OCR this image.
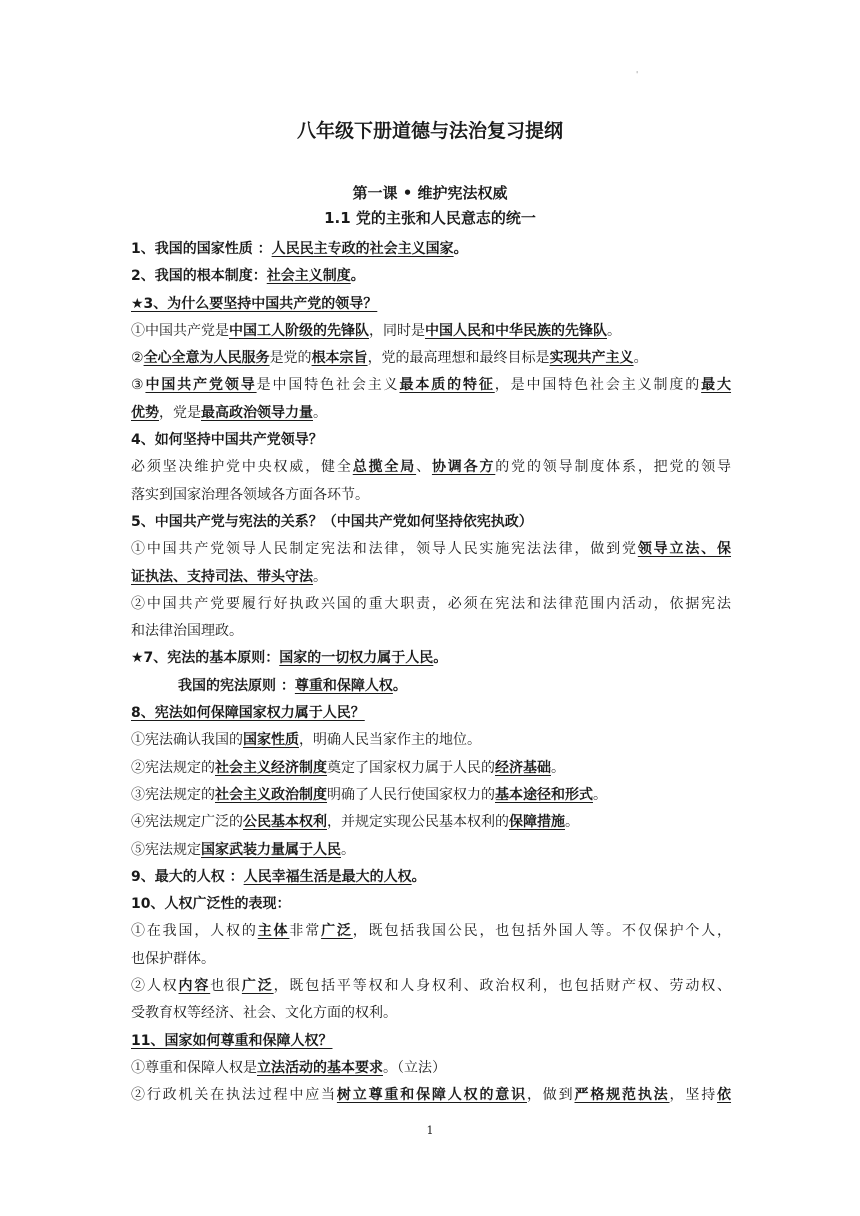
'
八年级下册道德与法治复习提纲
第一课 • 维护宪法权威
1.1 党的主张和人民意志的统一
1、我国的国家性质 ：人民民主专政的社会主义国家。
2、我国的根本制度：社会主义制度。
★3、为什么要坚持中国共产党的领导？
①中国共产党是中国工人阶级的先锋队，同时是中国人民和中华民族的先锋队。
②全心全意为人民服务是党的根本宗旨，党的最高理想和最终目标是实现共产主义。
③中国共产党领导是中国特色社会主义最本质的特征，是中国特色社会主义制度的最大
优势，党是最高政治领导力量。
4、如何坚持中国共产党领导？
必须坚决维护党中央权威，健全总揽全局、协调各方的党的领导制度体系，把党的领导
落实到国家治理各领域各方面各环节。
5、中国共产党与宪法的关系？（中国共产党如何坚持依宪执政）
①中国共产党领导人民制定宪法和法律，领导人民实施宪法法律，做到党领导立法、保
证执法、支持司法、带头守法。
②中国共产党要履行好执政兴国的重大职责，必须在宪法和法律范围内活动，依据宪法
和法律治国理政。
★7、宪法的基本原则：国家的一切权力属于人民。
我国的宪法原则 ：尊重和保障人权。
8、宪法如何保障国家权力属于人民？
①宪法确认我国的国家性质，明确人民当家作主的地位。
②宪法规定的社会主义经济制度奠定了国家权力属于人民的经济基础。
③宪法规定的社会主义政治制度明确了人民行使国家权力的基本途径和形式。
④宪法规定广泛的公民基本权利，并规定实现公民基本权利的保障措施。
⑤宪法规定国家武装力量属于人民。
9、最大的人权 ：人民幸福生活是最大的人权。
10、人权广泛性的表现：
①在我国，人权的主体非常广泛，既包括我国公民，也包括外国人等。不仅保护个人，
也保护群体。
②人权内容也很广泛，既包括平等权和人身权利、政治权利，也包括财产权、劳动权、
受教育权等经济、社会、文化方面的权利。
11、国家如何尊重和保障人权？
①尊重和保障人权是立法活动的基本要求。（立法）
②行政机关在执法过程中应当树立尊重和保障人权的意识，做到严格规范执法，坚持依
1
